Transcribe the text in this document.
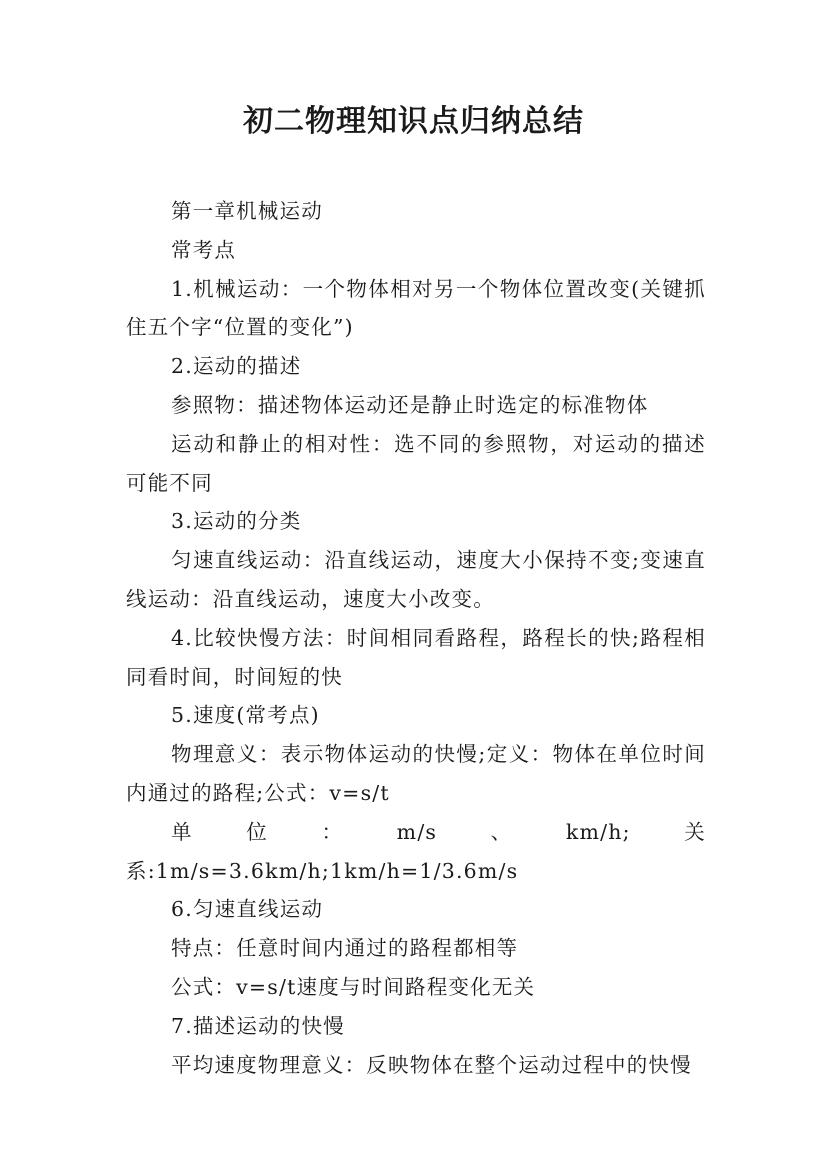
初二物理知识点归纳总结

第一章机械运动

常考点

1.机械运动：一个物体相对另一个物体位置改变(关键抓住五个字“位置的变化”)

2.运动的描述

参照物：描述物体运动还是静止时选定的标准物体

运动和静止的相对性：选不同的参照物，对运动的描述可能不同

3.运动的分类

匀速直线运动：沿直线运动，速度大小保持不变;变速直线运动：沿直线运动，速度大小改变。

4.比较快慢方法：时间相同看路程，路程长的快;路程相同看时间，时间短的快

5.速度(常考点)

物理意义：表示物体运动的快慢;定义：物体在单位时间内通过的路程;公式：v=s/t

单位：m/s、km/h;关系:1m/s=3.6km/h;1km/h=1/3.6m/s

6.匀速直线运动

特点：任意时间内通过的路程都相等

公式：v=s/t速度与时间路程变化无关

7.描述运动的快慢

平均速度物理意义：反映物体在整个运动过程中的快慢
